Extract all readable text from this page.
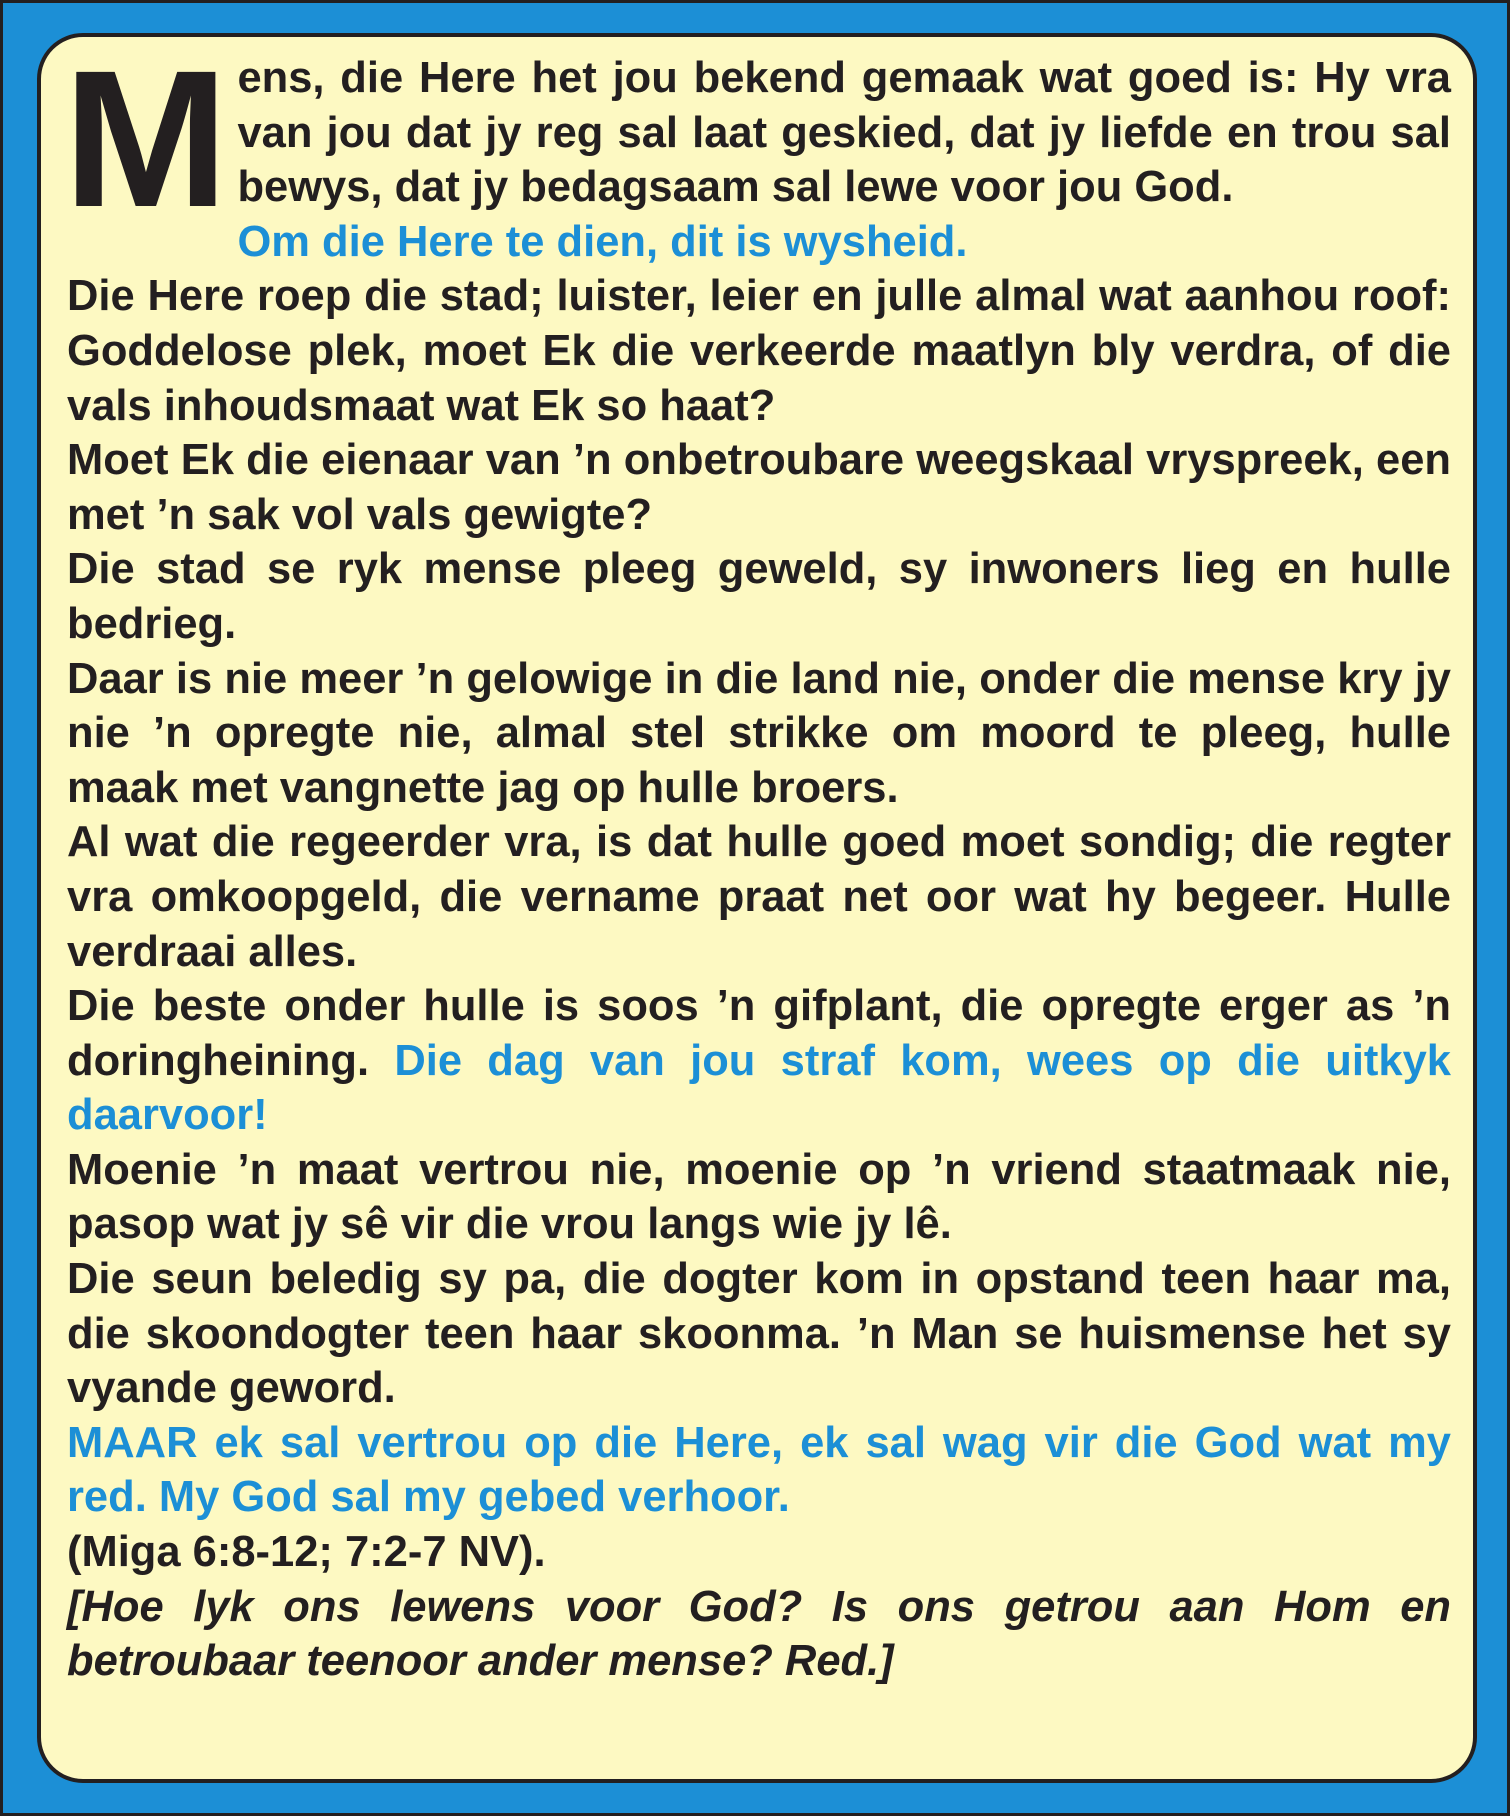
Mens, die Here het jou bekend gemaak wat goed is: Hy vra van jou dat jy reg sal laat geskied, dat jy liefde en trou sal bewys, dat jy bedagsaam sal lewe voor jou God.

Om die Here te dien, dit is wysheid.

Die Here roep die stad; luister, leier en julle almal wat aanhou roof: Goddelose plek, moet Ek die verkeerde maatlyn bly verdra, of die vals inhoudsmaat wat Ek so haat?

Moet Ek die eienaar van ’n onbetroubare weegskaal vryspreek, een met ’n sak vol vals gewigte?

Die stad se ryk mense pleeg geweld, sy inwoners lieg en hulle bedrieg.

Daar is nie meer ’n gelowige in die land nie, onder die mense kry jy nie ’n opregte nie, almal stel strikke om moord te pleeg, hulle maak met vangnette jag op hulle broers.

Al wat die regeerder vra, is dat hulle goed moet sondig; die regter vra omkoopgeld, die vername praat net oor wat hy begeer. Hulle verdraai alles.

Die beste onder hulle is soos ’n gifplant, die opregte erger as ’n doringheining. Die dag van jou straf kom, wees op die uitkyk daarvoor!

Moenie ’n maat vertrou nie, moenie op ’n vriend staatmaak nie, pasop wat jy sê vir die vrou langs wie jy lê.

Die seun beledig sy pa, die dogter kom in opstand teen haar ma, die skoondogter teen haar skoonma. ’n Man se huismense het sy vyande geword.

MAAR ek sal vertrou op die Here, ek sal wag vir die God wat my red. My God sal my gebed verhoor.

(Miga 6:8-12; 7:2-7 NV).

[Hoe lyk ons lewens voor God? Is ons getrou aan Hom en betroubaar teenoor ander mense? Red.]
